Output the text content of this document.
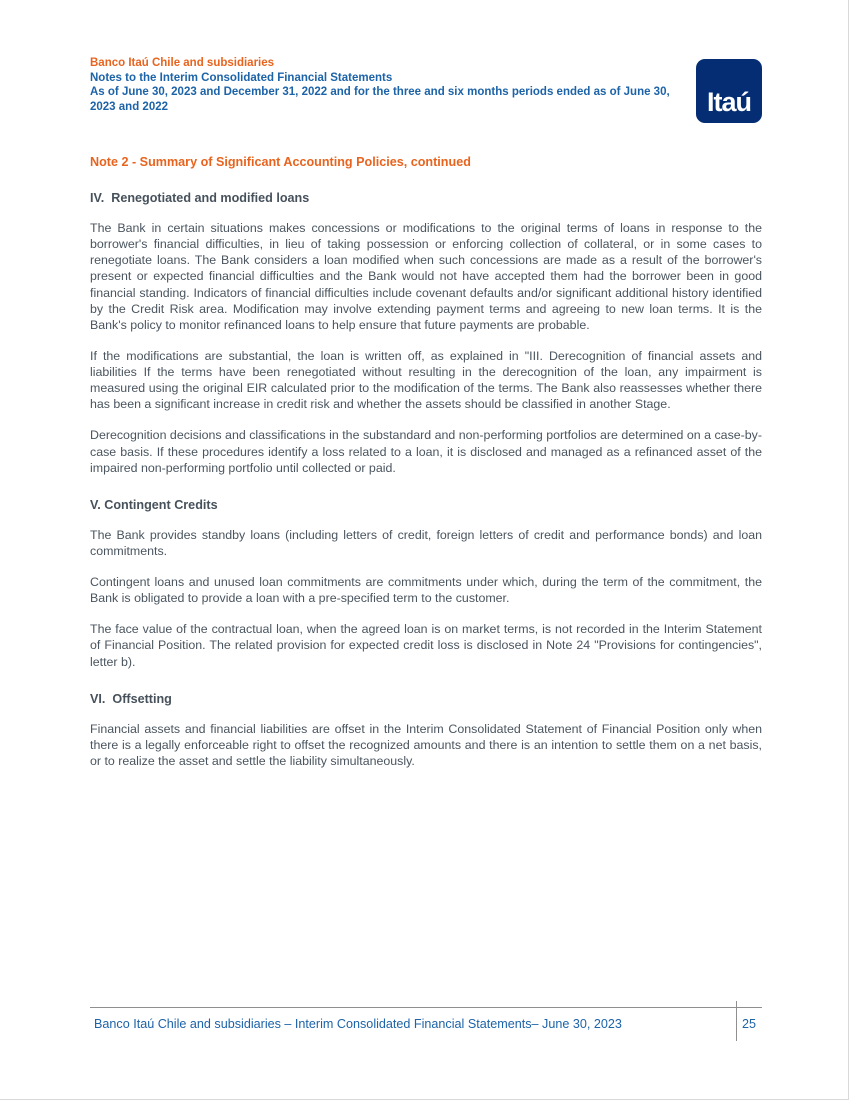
Banco Itaú Chile and subsidiaries
Notes to the Interim Consolidated Financial Statements
As of June 30, 2023 and December 31, 2022 and for the three and six months periods ended as of June 30, 2023 and 2022	Itaú
Note 2 - Summary of Significant Accounting Policies, continued
IV.  Renegotiated and modified loans

The Bank in certain situations makes concessions or modifications to the original terms of loans in response to the borrower's financial difficulties, in lieu of taking possession or enforcing collection of collateral, or in some cases to renegotiate loans. The Bank considers a loan modified when such concessions are made as a result of the borrower's present or expected financial difficulties and the Bank would not have accepted them had the borrower been in good financial standing. Indicators of financial difficulties include covenant defaults and/or significant additional history identified by the Credit Risk area. Modification may involve extending payment terms and agreeing to new loan terms. It is the Bank's policy to monitor refinanced loans to help ensure that future payments are probable.

If the modifications are substantial, the loan is written off, as explained in "III. Derecognition of financial assets and liabilities If the terms have been renegotiated without resulting in the derecognition of the loan, any impairment is measured using the original EIR calculated prior to the modification of the terms. The Bank also reassesses whether there has been a significant increase in credit risk and whether the assets should be classified in another Stage.

Derecognition decisions and classifications in the substandard and non-performing portfolios are determined on a case-by-case basis. If these procedures identify a loss related to a loan, it is disclosed and managed as a refinanced asset of the impaired non-performing portfolio until collected or paid.

V. Contingent Credits

The Bank provides standby loans (including letters of credit, foreign letters of credit and performance bonds) and loan commitments.

Contingent loans and unused loan commitments are commitments under which, during the term of the commitment, the Bank is obligated to provide a loan with a pre-specified term to the customer.

The face value of the contractual loan, when the agreed loan is on market terms, is not recorded in the Interim Statement of Financial Position. The related provision for expected credit loss is disclosed in Note 24 "Provisions for contingencies", letter b).

VI.  Offsetting

Financial assets and financial liabilities are offset in the Interim Consolidated Statement of Financial Position only when there is a legally enforceable right to offset the recognized amounts and there is an intention to settle them on a net basis, or to realize the asset and settle the liability simultaneously.

Banco Itaú Chile and subsidiaries – Interim Consolidated Financial Statements– June 30, 2023	25
